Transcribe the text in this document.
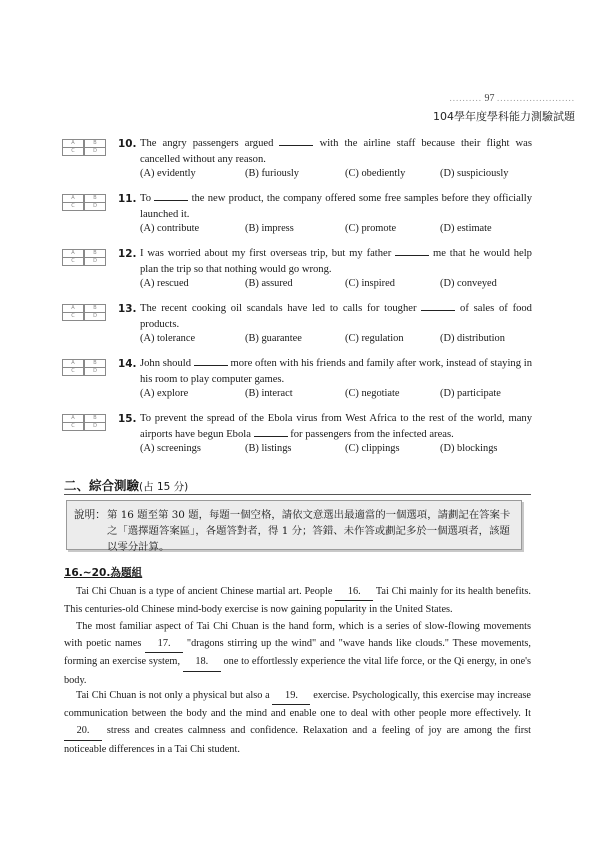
.......... 97 ........................
104學年度學科能力測驗試題
A	B
C	D
10. The angry passengers argued	with the airline staff because their flight was cancelled without any reason.
(A) evidently	(B) furiously	(C) obediently	(D) suspiciously
A	B
C	D
11. To	the new product, the company offered some free samples before they officially launched it.
(A) contribute	(B) impress	(C) promote	(D) estimate
A	B
C	D
12. I was worried about my first overseas trip, but my father	me that he would help plan the trip so that nothing would go wrong.
(A) rescued	(B) assured	(C) inspired	(D) conveyed
A	B
C	D
13. The recent cooking oil scandals have led to calls for tougher	of sales of food products.
(A) tolerance	(B) guarantee	(C) regulation	(D) distribution
A	B
C	D
14. John should	more often with his friends and family after work, instead of staying in his room to play computer games.
(A) explore	(B) interact	(C) negotiate	(D) participate
A	B
C	D
15. To prevent the spread of the Ebola virus from West Africa to the rest of the world, many airports have begun Ebola	for passengers from the infected areas.
(A) screenings	(B) listings	(C) clippings	(D) blockings
二、綜合測驗(占 15 分)
說明： 第 16 題至第 30 題，每題一個空格，請依文意選出最適當的一個選項，請劃記在答案卡之「選擇題答案區」，各題答對者，得 1 分；答錯、未作答或劃記多於一個選項者，該題以零分計算。
16.~20.為題組
Tai Chi Chuan is a type of ancient Chinese martial art. People 16. Tai Chi mainly for its health benefits. This centuries-old Chinese mind-body exercise is now gaining popularity in the United States.
The most familiar aspect of Tai Chi Chuan is the hand form, which is a series of slow-flowing movements with poetic names 17. "dragons stirring up the wind" and "wave hands like clouds." These movements, forming an exercise system, 18. one to effortlessly experience the vital life force, or the Qi energy, in one's body.
Tai Chi Chuan is not only a physical but also a 19. exercise. Psychologically, this exercise may increase communication between the body and the mind and enable one to deal with other people more effectively. It 20. stress and creates calmness and confidence. Relaxation and a feeling of joy are among the first noticeable differences in a Tai Chi student.
